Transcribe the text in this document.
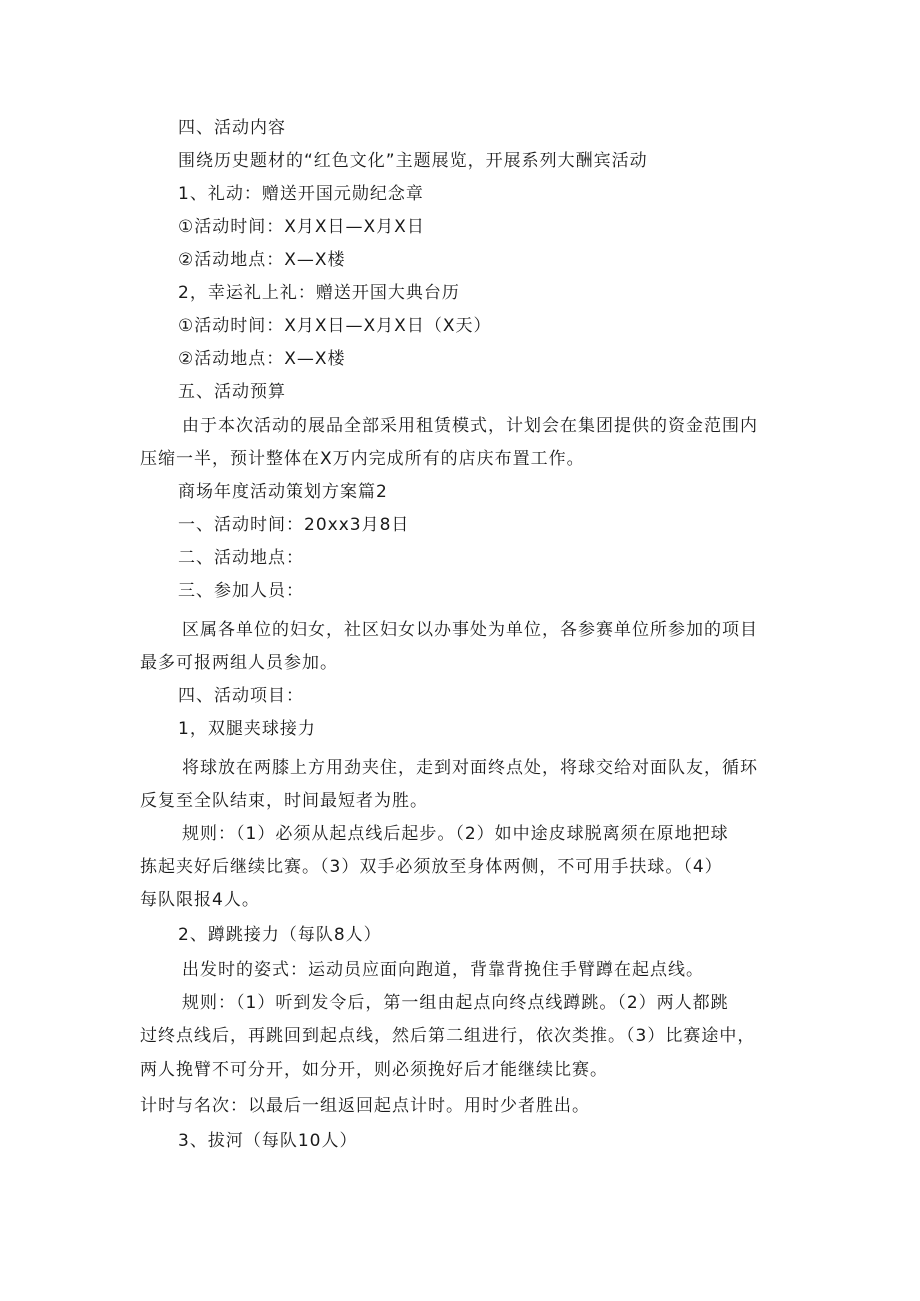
四、活动内容
围绕历史题材的“红色文化”主题展览，开展系列大酬宾活动
1、礼动：赠送开国元勋纪念章
①活动时间：X月X日—X月X日
②活动地点：X—X楼
2，幸运礼上礼：赠送开国大典台历
①活动时间：X月X日—X月X日（X天）
②活动地点：X—X楼
五、活动预算
由于本次活动的展品全部采用租赁模式，计划会在集团提供的资金范围内
压缩一半，预计整体在X万内完成所有的店庆布置工作。
商场年度活动策划方案篇2
一、活动时间：20xx3月8日
二、活动地点：
三、参加人员：
区属各单位的妇女，社区妇女以办事处为单位，各参赛单位所参加的项目
最多可报两组人员参加。
四、活动项目：
1，双腿夹球接力
将球放在两膝上方用劲夹住，走到对面终点处，将球交给对面队友，循环
反复至全队结束，时间最短者为胜。
规则：（1）必须从起点线后起步。（2）如中途皮球脱离须在原地把球
拣起夹好后继续比赛。（3）双手必须放至身体两侧，不可用手扶球。（4）
每队限报4人。
2、蹲跳接力（每队8人）
出发时的姿式：运动员应面向跑道，背靠背挽住手臂蹲在起点线。
规则：（1）听到发令后，第一组由起点向终点线蹲跳。（2）两人都跳
过终点线后，再跳回到起点线，然后第二组进行，依次类推。（3）比赛途中，
两人挽臂不可分开，如分开，则必须挽好后才能继续比赛。
计时与名次：以最后一组返回起点计时。用时少者胜出。
3、拔河（每队10人）
